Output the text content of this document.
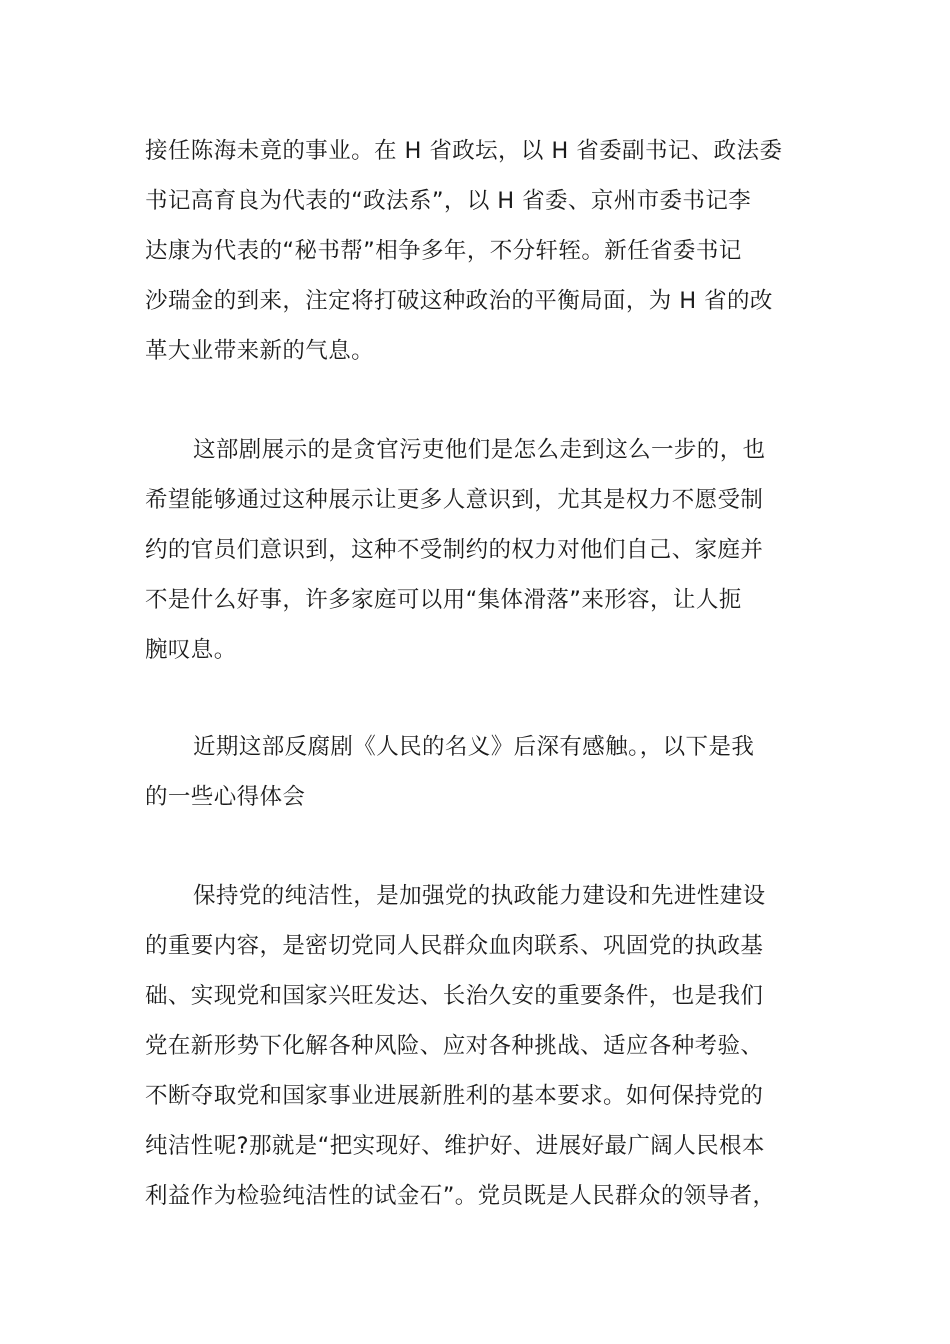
接任陈海未竟的事业。在 H 省政坛，以 H 省委副书记、政法委
书记高育良为代表的“政法系”，以 H 省委、京州市委书记李
达康为代表的“秘书帮”相争多年，不分轩轾。新任省委书记
沙瑞金的到来，注定将打破这种政治的平衡局面，为 H 省的改
革大业带来新的气息。
这部剧展示的是贪官污吏他们是怎么走到这么一步的，也
希望能够通过这种展示让更多人意识到，尤其是权力不愿受制
约的官员们意识到，这种不受制约的权力对他们自己、家庭并
不是什么好事，许多家庭可以用“集体滑落”来形容，让人扼
腕叹息。
近期这部反腐剧《人民的名义》后深有感触。，以下是我
的一些心得体会
保持党的纯洁性，是加强党的执政能力建设和先进性建设
的重要内容，是密切党同人民群众血肉联系、巩固党的执政基
础、实现党和国家兴旺发达、长治久安的重要条件，也是我们
党在新形势下化解各种风险、应对各种挑战、适应各种考验、
不断夺取党和国家事业进展新胜利的基本要求。如何保持党的
纯洁性呢?那就是“把实现好、维护好、进展好最广阔人民根本
利益作为检验纯洁性的试金石”。党员既是人民群众的领导者，
